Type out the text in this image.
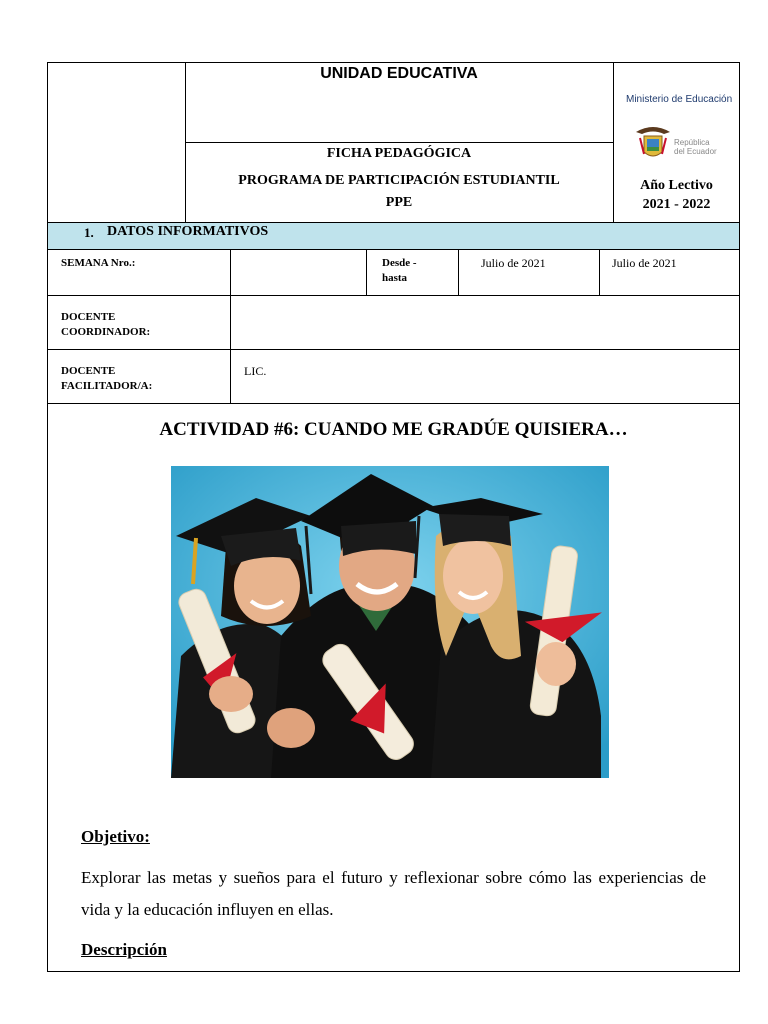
UNIDAD EDUCATIVA
FICHA PEDAGÓGICA
PROGRAMA DE PARTICIPACIÓN ESTUDIANTIL
PPE
Ministerio de Educación
República
del Ecuador
Año Lectivo
2021 - 2022
1. DATOS INFORMATIVOS
SEMANA Nro.:	Desde -
hasta
Julio de 2021	Julio de 2021
DOCENTE
COORDINADOR:
DOCENTE
FACILITADOR/A:
LIC.
ACTIVIDAD #6: CUANDO ME GRADÚE QUISIERA…
Objetivo:
Explorar las metas y sueños para el futuro y reflexionar sobre cómo las experiencias de vida y la educación influyen en ellas.
Descripción
